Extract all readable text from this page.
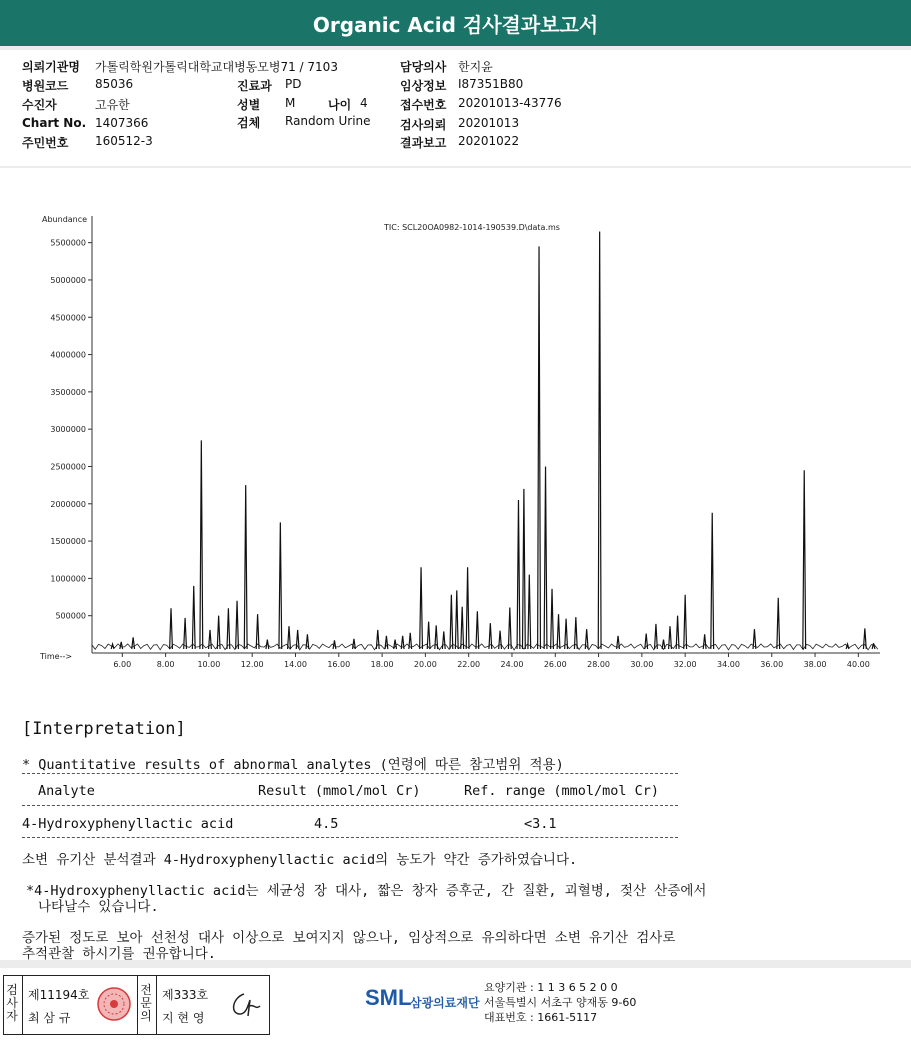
Organic Acid 검사결과보고서
의뢰기관명 가톨릭학원가톨릭대학교대병동모병71 / 7103
병원코드 85036
수진자	고유한
Chart No. 1407366
주민번호 160512-3
진료과 PD
성별 M	나이 4
검체 Random Urine
담당의사 한지윤
임상정보 I87351B80
접수번호 20201013-43776
검사의뢰 20201013
결과보고 20201022
500000
1000000
1500000
2000000
2500000
3000000
3500000
4000000
4500000
5000000
5500000
6.00	8.00	10.00	12.00	14.00	16.00	18.00	20.00	22.00	24.00	26.00	28.00	30.00	32.00	34.00	36.00	38.00	40.00
Abundance
Time-->
TIC: SCL20OA0982-1014-190539.D\data.ms
[Interpretation]
* Quantitative results of abnormal analytes (연령에 따른 참고범위 적용)
Analyte	Result (mmol/mol Cr)	Ref. range (mmol/mol Cr)
4-Hydroxyphenyllactic acid	4.5	<3.1
소변 유기산 분석결과 4-Hydroxyphenyllactic acid의 농도가 약간 증가하였습니다.
*4-Hydroxyphenyllactic acid는 세균성 장 대사, 짧은 창자 증후군, 간 질환, 괴혈병, 젖산 산증에서
나타날수 있습니다.
증가된 정도로 보아 선천성 대사 이상으로 보여지지 않으나, 임상적으로 유의하다면 소변 유기산 검사로
추적관찰 하시기를 권유합니다.
검
사
자
제11194호
최 삼 규
전
문
의
제333호
지 현 영
SML
삼광의료재단
요양기관 : 1 1 3 6 5 2 0 0
서울특별시 서초구 양재동 9-60
대표번호 : 1661-5117
